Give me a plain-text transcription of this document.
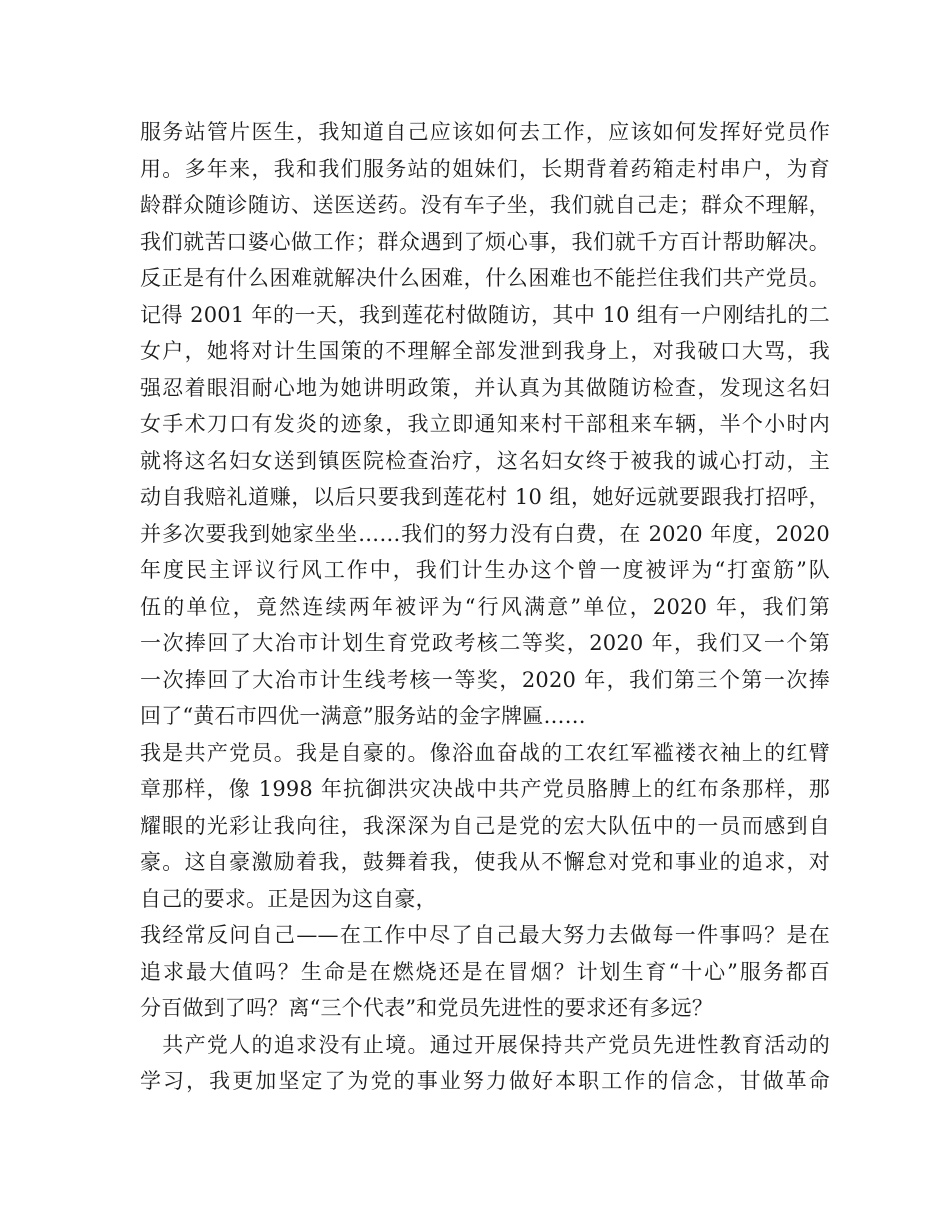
服务站管片医生，我知道自己应该如何去工作，应该如何发挥好党员作
用。多年来，我和我们服务站的姐妹们，长期背着药箱走村串户，为育
龄群众随诊随访、送医送药。没有车子坐，我们就自己走；群众不理解，
我们就苦口婆心做工作；群众遇到了烦心事，我们就千方百计帮助解决。
反正是有什么困难就解决什么困难，什么困难也不能拦住我们共产党员。
记得 2001 年的一天，我到莲花村做随访，其中 10 组有一户刚结扎的二
女户，她将对计生国策的不理解全部发泄到我身上，对我破口大骂，我
强忍着眼泪耐心地为她讲明政策，并认真为其做随访检查，发现这名妇
女手术刀口有发炎的迹象，我立即通知来村干部租来车辆，半个小时内
就将这名妇女送到镇医院检查治疗，这名妇女终于被我的诚心打动，主
动自我赔礼道赚，以后只要我到莲花村 10 组，她好远就要跟我打招呼，
并多次要我到她家坐坐……我们的努力没有白费，在 2020 年度，2020
年度民主评议行风工作中，我们计生办这个曾一度被评为“打蛮筋”队
伍的单位，竟然连续两年被评为“行风满意”单位，2020 年，我们第
一次捧回了大冶市计划生育党政考核二等奖，2020 年，我们又一个第
一次捧回了大冶市计生线考核一等奖，2020 年，我们第三个第一次捧
回了“黄石市四优一满意”服务站的金字牌匾……
我是共产党员。我是自豪的。像浴血奋战的工农红军褴褛衣袖上的红臂
章那样，像 1998 年抗御洪灾决战中共产党员胳膊上的红布条那样，那
耀眼的光彩让我向往，我深深为自己是党的宏大队伍中的一员而感到自
豪。这自豪激励着我，鼓舞着我，使我从不懈怠对党和事业的追求，对
自己的要求。正是因为这自豪，
我经常反问自己——在工作中尽了自己最大努力去做每一件事吗？是在
追求最大值吗？生命是在燃烧还是在冒烟？计划生育“十心”服务都百
分百做到了吗？离“三个代表”和党员先进性的要求还有多远？
　共产党人的追求没有止境。通过开展保持共产党员先进性教育活动的
学习，我更加坚定了为党的事业努力做好本职工作的信念，甘做革命
